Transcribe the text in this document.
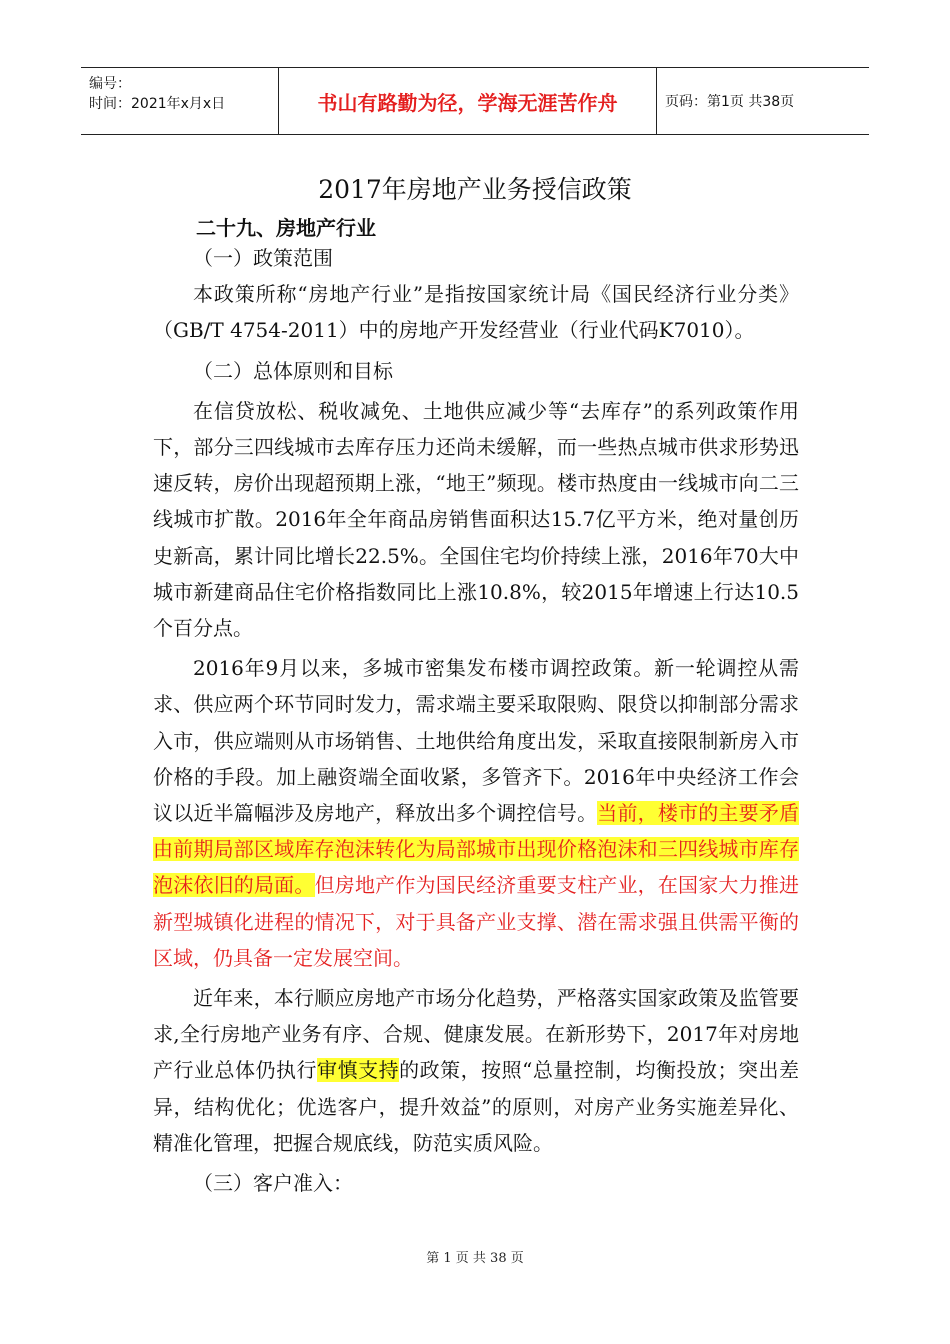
编号：
时间：2021年x月x日	书山有路勤为径，学海无涯苦作舟	页码：第1页 共38页
2017年房地产业务授信政策
二十九、房地产行业

（一）政策范围

本政策所称“房地产行业”是指按国家统计局《国民经济行业分类》（GB/T 4754-2011）中的房地产开发经营业（行业代码K7010）。

（二）总体原则和目标

在信贷放松、税收减免、土地供应减少等“去库存”的系列政策作用下，部分三四线城市去库存压力还尚未缓解，而一些热点城市供求形势迅速反转，房价出现超预期上涨，“地王”频现。楼市热度由一线城市向二三线城市扩散。2016年全年商品房销售面积达15.7亿平方米，绝对量创历史新高，累计同比增长22.5%。全国住宅均价持续上涨，2016年70大中城市新建商品住宅价格指数同比上涨10.8%，较2015年增速上行达10.5个百分点。

2016年9月以来，多城市密集发布楼市调控政策。新一轮调控从需求、供应两个环节同时发力，需求端主要采取限购、限贷以抑制部分需求入市，供应端则从市场销售、土地供给角度出发，采取直接限制新房入市价格的手段。加上融资端全面收紧，多管齐下。2016年中央经济工作会议以近半篇幅涉及房地产，释放出多个调控信号。当前，楼市的主要矛盾由前期局部区域库存泡沫转化为局部城市出现价格泡沫和三四线城市库存泡沫依旧的局面。但房地产作为国民经济重要支柱产业，在国家大力推进新型城镇化进程的情况下，对于具备产业支撑、潜在需求强且供需平衡的区域，仍具备一定发展空间。

近年来，本行顺应房地产市场分化趋势，严格落实国家政策及监管要求,全行房地产业务有序、合规、健康发展。在新形势下，2017年对房地产行业总体仍执行审慎支持的政策，按照“总量控制，均衡投放；突出差异，结构优化；优选客户，提升效益”的原则，对房产业务实施差异化、精准化管理，把握合规底线，防范实质风险。

（三）客户准入：

第 1 页 共 38 页
